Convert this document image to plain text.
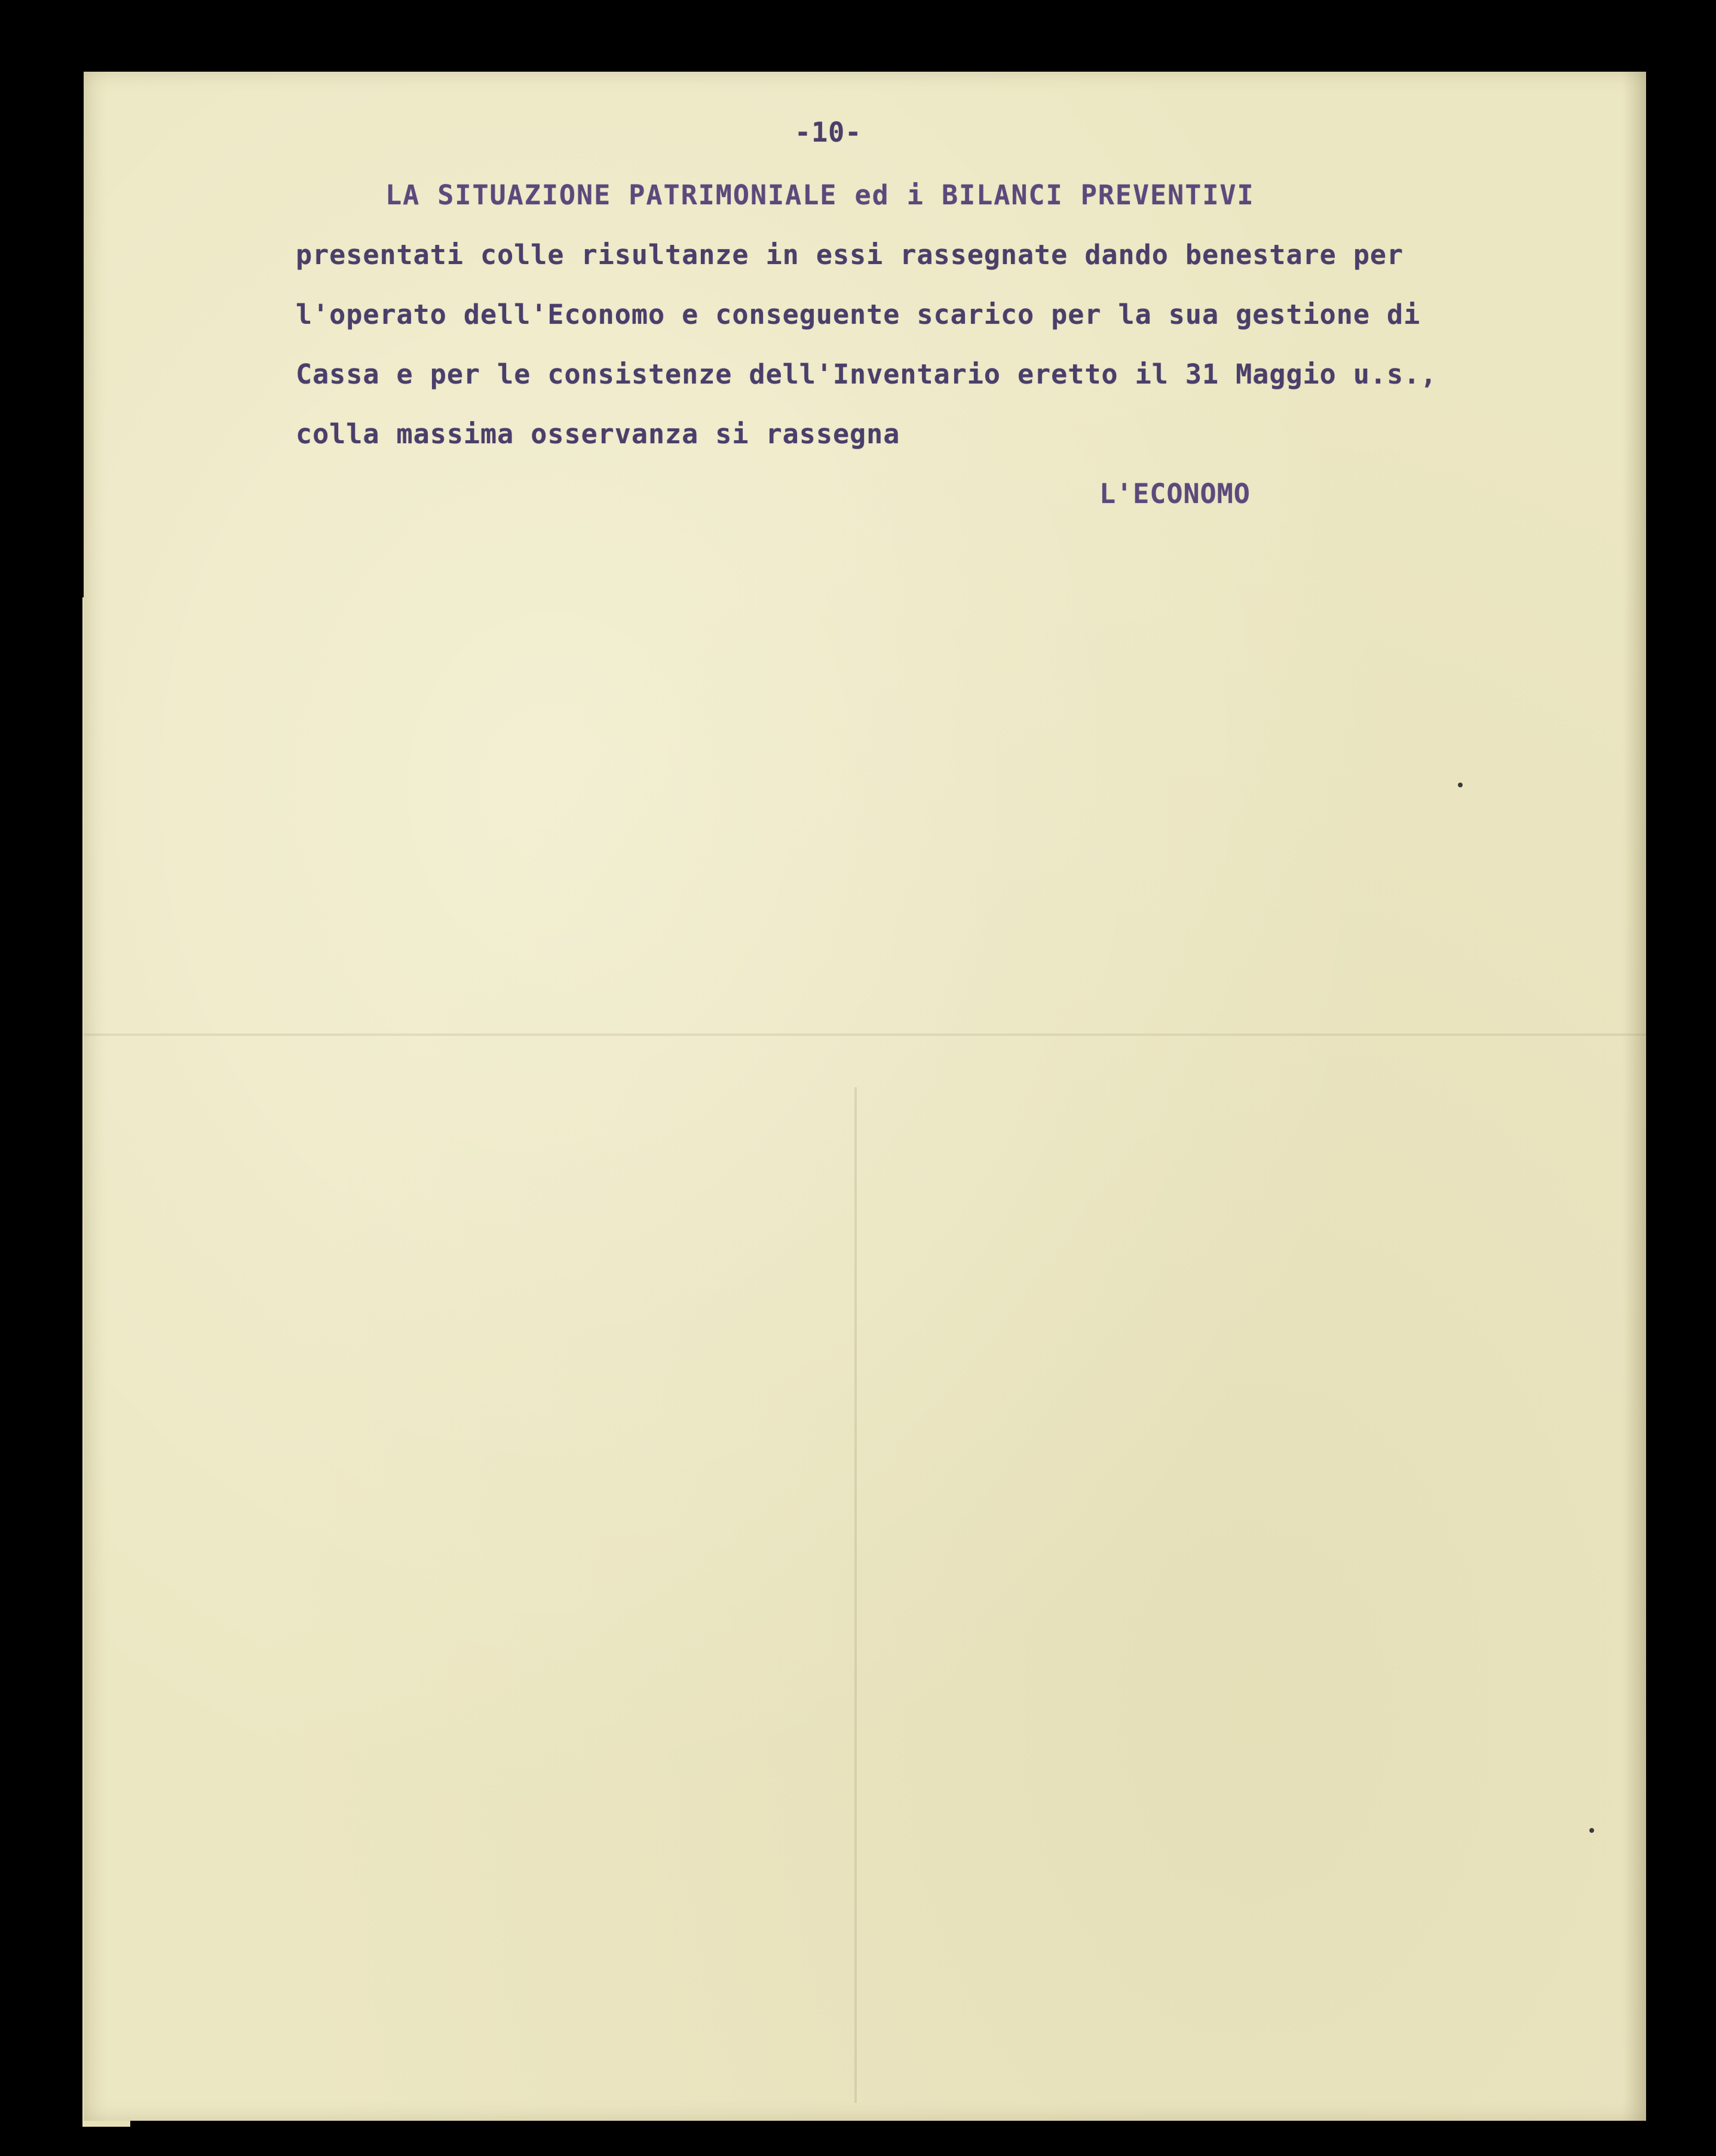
-10-
LA SITUAZIONE PATRIMONIALE ed i BILANCI PREVENTIVI
presentati colle risultanze in essi rassegnate dando benestare per
l'operato dell'Economo e conseguente scarico per la sua gestione di
Cassa e per le consistenze dell'Inventario eretto il 31 Maggio u.s.,
colla massima osservanza si rassegna
L'ECONOMO
